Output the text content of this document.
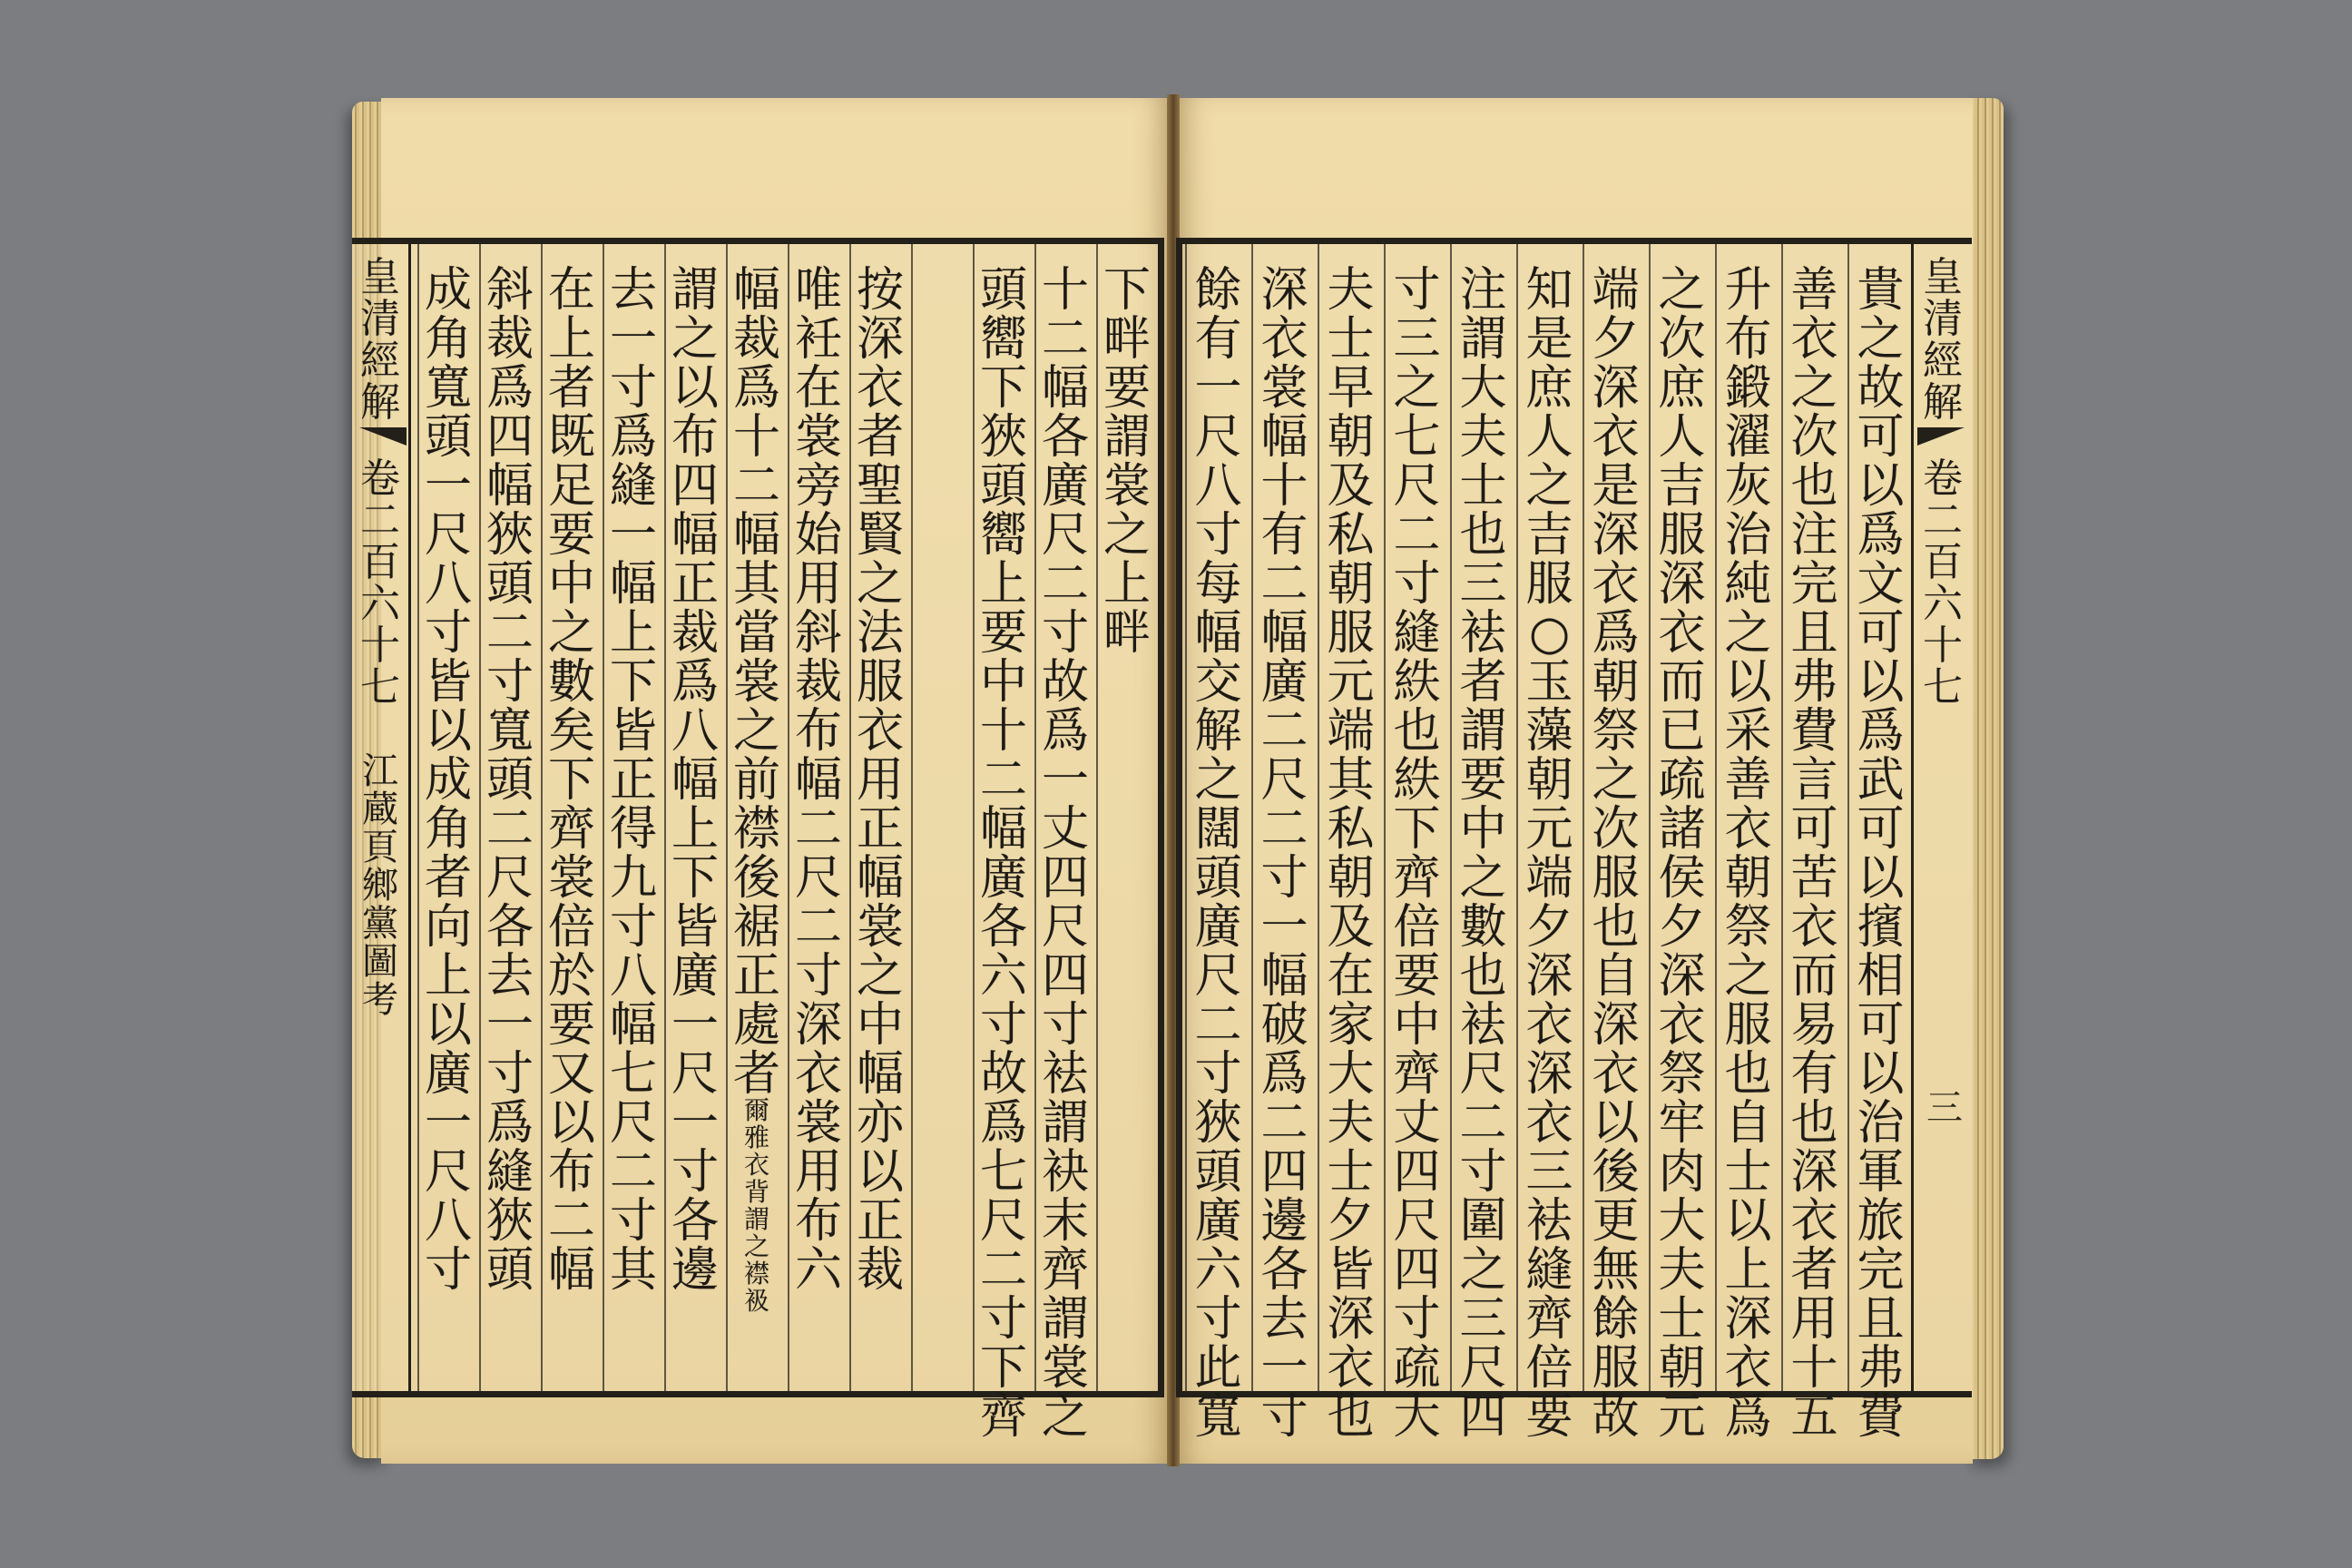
皇
清
經
解
卷
二
百
六
十
七
江
蔵
頁
鄉
黨
圖
考
下
畔
要
謂
裳
之
上
畔
十
二
幅
各
廣
尺
二
寸
故
爲
一
丈
四
尺
四
寸
袪
謂
袂
末
齊
謂
裳
之
頭
嚮
下
狹
頭
嚮
上
要
中
十
二
幅
廣
各
六
寸
故
爲
七
尺
二
寸
下
齊
按
深
衣
者
聖
賢
之
法
服
衣
用
正
幅
裳
之
中
幅
亦
以
正
裁
唯
衽
在
裳
旁
始
用
斜
裁
布
幅
二
尺
二
寸
深
衣
裳
用
布
六
幅
裁
爲
十
二
幅
其
當
裳
之
前
襟
後
裾
正
處
者
謂
之
以
布
四
幅
正
裁
爲
八
幅
上
下
皆
廣
一
尺
一
寸
各
邊
去
一
寸
爲
縫
一
幅
上
下
皆
正
得
九
寸
八
幅
七
尺
二
寸
其
在
上
者
既
足
要
中
之
數
矣
下
齊
裳
倍
於
要
又
以
布
二
幅
斜
裁
爲
四
幅
狹
頭
二
寸
寬
頭
二
尺
各
去
一
寸
爲
縫
狹
頭
成
角
寬
頭
一
尺
八
寸
皆
以
成
角
者
向
上
以
廣
一
尺
八
寸
爾
雅
衣
背
謂
之
襟
衱
皇
清
經
解
卷
二
百
六
十
七
三
貴
之
故
可
以
爲
文
可
以
爲
武
可
以
擯
相
可
以
治
軍
旅
完
且
弗
費
善
衣
之
次
也
注
完
且
弗
費
言
可
苦
衣
而
易
有
也
深
衣
者
用
十
五
升
布
鍛
濯
灰
治
純
之
以
采
善
衣
朝
祭
之
服
也
自
士
以
上
深
衣
爲
之
次
庶
人
吉
服
深
衣
而
已
疏
諸
侯
夕
深
衣
祭
牢
肉
大
夫
士
朝
元
端
夕
深
衣
是
深
衣
爲
朝
祭
之
次
服
也
自
深
衣
以
後
更
無
餘
服
故
知
是
庶
人
之
吉
服
○
玉
藻
朝
元
端
夕
深
衣
深
衣
三
袪
縫
齊
倍
要
注
謂
大
夫
士
也
三
袪
者
謂
要
中
之
數
也
袪
尺
二
寸
圍
之
三
尺
四
寸
三
之
七
尺
二
寸
縫
紩
也
紩
下
齊
倍
要
中
齊
丈
四
尺
四
寸
疏
大
夫
士
早
朝
及
私
朝
服
元
端
其
私
朝
及
在
家
大
夫
士
夕
皆
深
衣
也
深
衣
裳
幅
十
有
二
幅
廣
二
尺
二
寸
一
幅
破
爲
二
四
邊
各
去
一
寸
餘
有
一
尺
八
寸
每
幅
交
解
之
闊
頭
廣
尺
二
寸
狹
頭
廣
六
寸
此
寬
